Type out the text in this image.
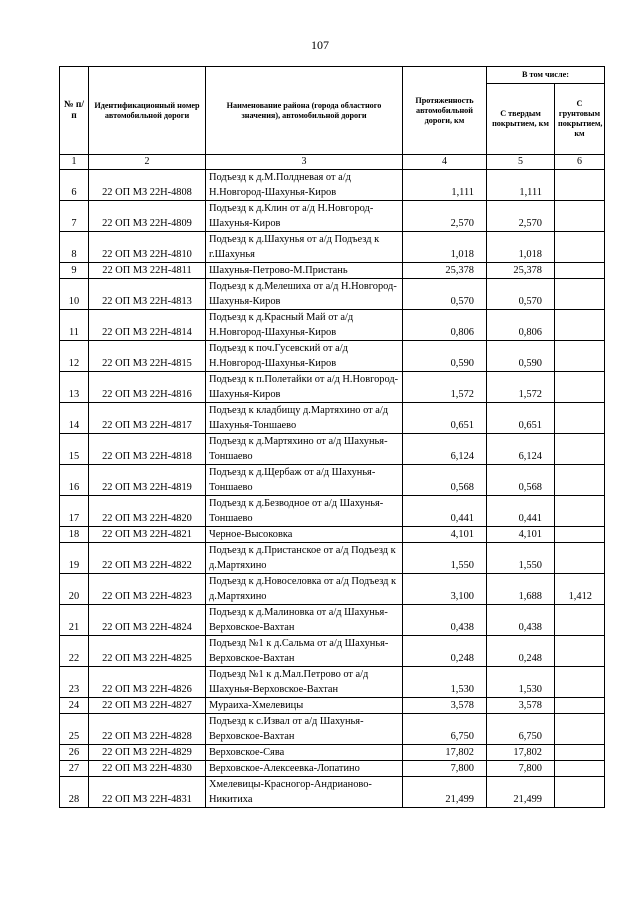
107
№ п/п	Идентификационный номер автомобильной дороги	Наименование района (города областного значения), автомобильной дороги	Протяженность автомобильной дороги, км	В том числе:	
				С твердым покрытием, км	С грунтовым покрытием, км
1	2	3	4	5	6
6	22 ОП МЗ 22Н-4808	Подъезд к д.М.Полдневая от а/д Н.Новгород-Шахунья-Киров	1,111	1,111	
7	22 ОП МЗ 22Н-4809	Подъезд к д.Клин от а/д Н.Новгород-Шахунья-Киров	2,570	2,570	
8	22 ОП МЗ 22Н-4810	Подъезд к д.Шахунья от а/д Подъезд к г.Шахунья	1,018	1,018	
9	22 ОП МЗ 22Н-4811	Шахунья-Петрово-М.Пристань	25,378	25,378	
10	22 ОП МЗ 22Н-4813	Подъезд к д.Мелешиха от а/д Н.Новгород-Шахунья-Киров	0,570	0,570	
11	22 ОП МЗ 22Н-4814	Подъезд к д.Красный Май от а/д Н.Новгород-Шахунья-Киров	0,806	0,806	
12	22 ОП МЗ 22Н-4815	Подъезд к поч.Гусевский от а/д Н.Новгород-Шахунья-Киров	0,590	0,590	
13	22 ОП МЗ 22Н-4816	Подъезд к п.Полетайки от а/д Н.Новгород-Шахунья-Киров	1,572	1,572	
14	22 ОП МЗ 22Н-4817	Подъезд к кладбищу д.Мартяхино от а/д Шахунья-Тоншаево	0,651	0,651	
15	22 ОП МЗ 22Н-4818	Подъезд к д.Мартяхино от а/д Шахунья-Тоншаево	6,124	6,124	
16	22 ОП МЗ 22Н-4819	Подъезд к д.Щербаж от а/д Шахунья-Тоншаево	0,568	0,568	
17	22 ОП МЗ 22Н-4820	Подъезд к д.Безводное от а/д Шахунья-Тоншаево	0,441	0,441	
18	22 ОП МЗ 22Н-4821	Черное-Высоковка	4,101	4,101	
19	22 ОП МЗ 22Н-4822	Подъезд к д.Пристанское от а/д Подъезд к д.Мартяхино	1,550	1,550	
20	22 ОП МЗ 22Н-4823	Подъезд к д.Новоселовка от а/д Подъезд к д.Мартяхино	3,100	1,688	1,412
21	22 ОП МЗ 22Н-4824	Подъезд к д.Малиновка от а/д Шахунья-Верховское-Вахтан	0,438	0,438	
22	22 ОП МЗ 22Н-4825	Подъезд №1 к д.Сальма от а/д Шахунья-Верховское-Вахтан	0,248	0,248	
23	22 ОП МЗ 22Н-4826	Подъезд №1 к д.Мал.Петрово от а/д Шахунья-Верховское-Вахтан	1,530	1,530	
24	22 ОП МЗ 22Н-4827	Мураиха-Хмелевицы	3,578	3,578	
25	22 ОП МЗ 22Н-4828	Подъезд к с.Извал от а/д Шахунья-Верховское-Вахтан	6,750	6,750	
26	22 ОП МЗ 22Н-4829	Верховское-Сява	17,802	17,802	
27	22 ОП МЗ 22Н-4830	Верховское-Алексеевка-Лопатино	7,800	7,800	
28	22 ОП МЗ 22Н-4831	Хмелевицы-Красногор-Андрианово-Никитиха	21,499	21,499	
